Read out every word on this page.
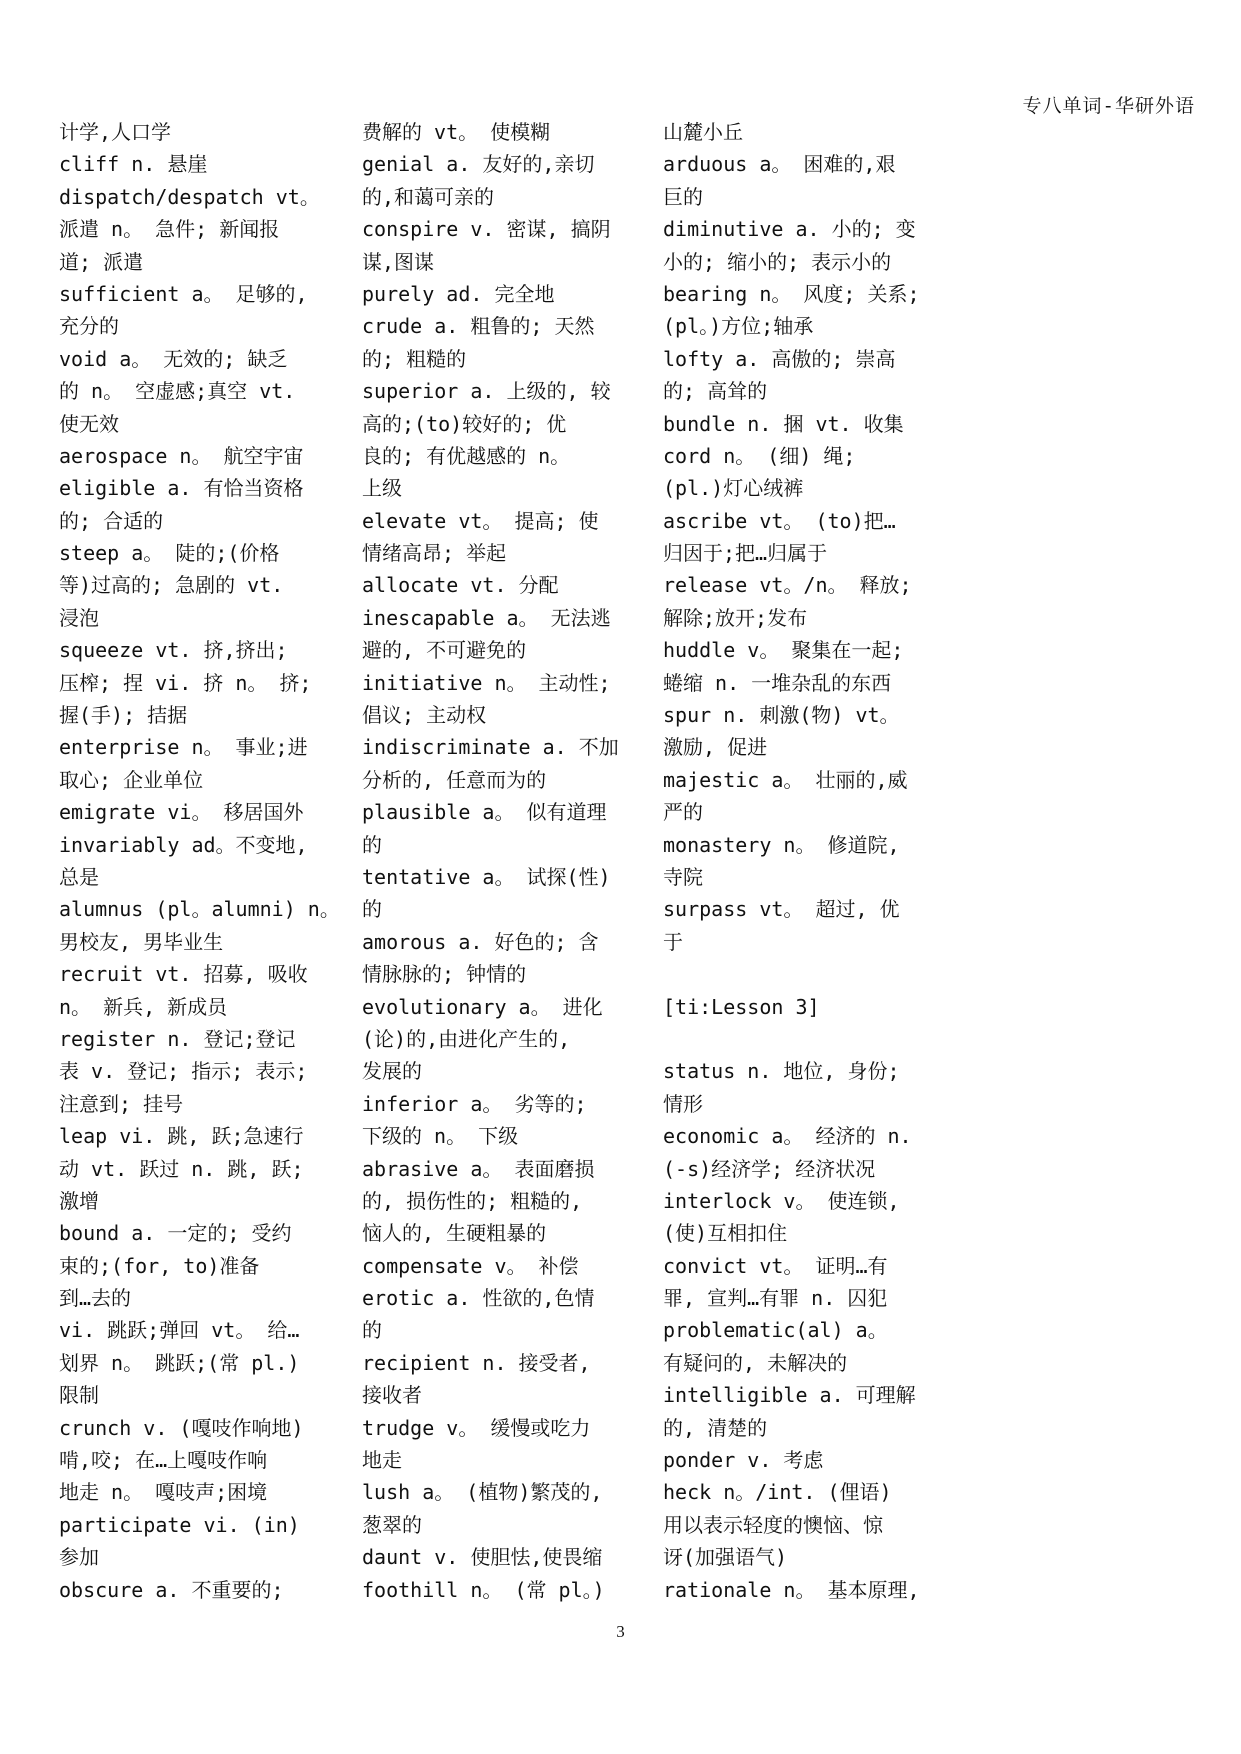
专八单词-华研外语
计学,人口学
cliff n. 悬崖
dispatch/despatch vt。
派遣 n。 急件; 新闻报
道; 派遣
sufficient a。 足够的,
充分的
void a。 无效的; 缺乏
的 n。 空虚感;真空 vt.
使无效
aerospace n。 航空宇宙
eligible a. 有恰当资格
的; 合适的
steep a。 陡的;(价格
等)过高的; 急剧的 vt.
浸泡
squeeze vt. 挤,挤出;
压榨; 捏 vi. 挤 n。 挤;
握(手); 拮据
enterprise n。 事业;进
取心; 企业单位
emigrate vi。 移居国外
invariably ad。不变地,
总是
alumnus (pl。alumni) n。
男校友, 男毕业生
recruit vt. 招募, 吸收
n。 新兵, 新成员
register n. 登记;登记
表 v. 登记; 指示; 表示;
注意到; 挂号
leap vi. 跳, 跃;急速行
动 vt. 跃过 n. 跳, 跃;
激增
bound a. 一定的; 受约
束的;(for, to)准备
到…去的
vi. 跳跃;弹回 vt。 给…
划界 n。 跳跃;(常 pl.)
限制
crunch v. (嘎吱作响地)
啃,咬; 在…上嘎吱作响
地走 n。 嘎吱声;困境
participate vi. (in)
参加
obscure a. 不重要的;
费解的 vt。 使模糊
genial a. 友好的,亲切
的,和蔼可亲的
conspire v. 密谋, 搞阴
谋,图谋
purely ad. 完全地
crude a. 粗鲁的; 天然
的; 粗糙的
superior a. 上级的, 较
高的;(to)较好的; 优
良的; 有优越感的 n。
上级
elevate vt。 提高; 使
情绪高昂; 举起
allocate vt. 分配
inescapable a。 无法逃
避的, 不可避免的
initiative n。 主动性;
倡议; 主动权
indiscriminate a. 不加
分析的, 任意而为的
plausible a。 似有道理
的
tentative a。 试探(性)
的
amorous a. 好色的; 含
情脉脉的; 钟情的
evolutionary a。 进化
(论)的,由进化产生的,
发展的
inferior a。 劣等的;
下级的 n。 下级
abrasive a。 表面磨损
的, 损伤性的; 粗糙的,
恼人的, 生硬粗暴的
compensate v。 补偿
erotic a. 性欲的,色情
的
recipient n. 接受者,
接收者
trudge v。 缓慢或吃力
地走
lush a。 (植物)繁茂的,
葱翠的
daunt v. 使胆怯,使畏缩
foothill n。 (常 pl。)
山麓小丘
arduous a。 困难的,艰
巨的
diminutive a. 小的; 变
小的; 缩小的; 表示小的
bearing n。 风度; 关系;
(pl。)方位;轴承
lofty a. 高傲的; 崇高
的; 高耸的
bundle n. 捆 vt. 收集
cord n。 (细) 绳;
(pl.)灯心绒裤
ascribe vt。 (to)把…
归因于;把…归属于
release vt。/n。 释放;
解除;放开;发布
huddle v。 聚集在一起;
蜷缩 n. 一堆杂乱的东西
spur n. 刺激(物) vt。
激励, 促进
majestic a。 壮丽的,威
严的
monastery n。 修道院,
寺院
surpass vt。 超过, 优
于
[ti:Lesson 3]
status n. 地位, 身份;
情形
economic a。 经济的 n.
(-s)经济学; 经济状况
interlock v。 使连锁,
(使)互相扣住
convict vt。 证明…有
罪, 宣判…有罪 n. 囚犯
problematic(al) a。
有疑问的, 未解决的
intelligible a. 可理解
的, 清楚的
ponder v. 考虑
heck n。/int. (俚语)
用以表示轻度的懊恼、惊
讶(加强语气)
rationale n。 基本原理,
3
